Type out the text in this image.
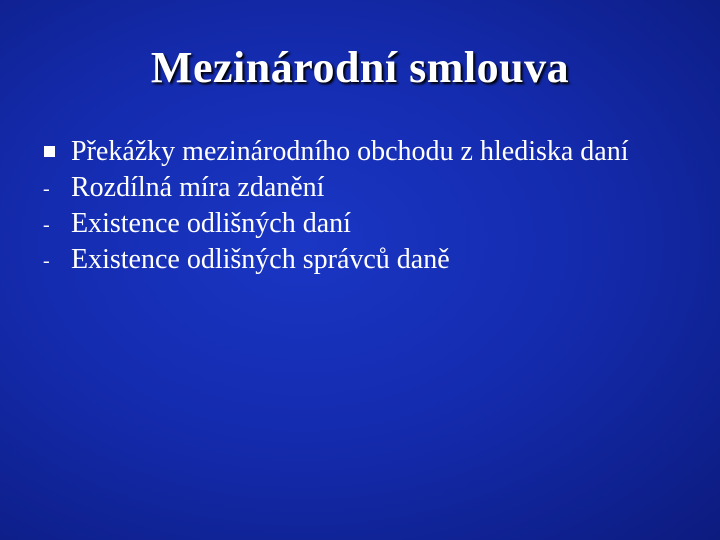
Mezinárodní smlouva
Překážky mezinárodního obchodu z hlediska daní
- Rozdílná míra zdanění
- Existence odlišných daní
- Existence odlišných správců daně
